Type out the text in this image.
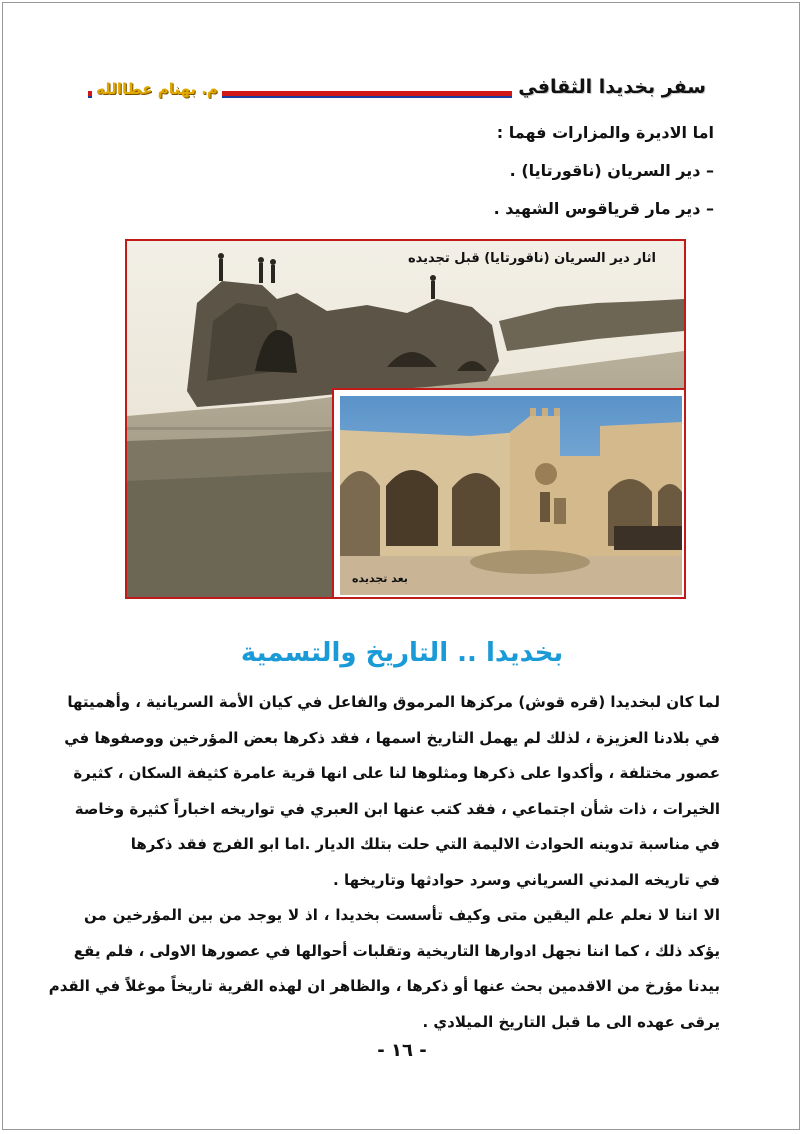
سفر بخديدا الثقافي
م. بهنام عطاالله
اما الاديرة والمزارات فهما :
– دير السريان (ناقورتايا) .
– دير مار قرياقوس الشهيد .
اثار دير السريان (ناقورتايا) قبل تجديده
بعد تجديده
بخديدا .. التاريخ والتسمية
لما كان لبخديدا (قره قوش) مركزها المرموق والفاعل في كيان الأمة السريانية ، وأهميتها
في بلادنا العزيزة ، لذلك لم يهمل التاريخ اسمها ، فقد ذكرها بعض المؤرخين ووصفوها في
عصور مختلفة ، وأكدوا على ذكرها ومثلوها لنا على انها قرية عامرة كثيفة السكان ، كثيرة
الخيرات ، ذات شأن اجتماعي ، فقد كتب عنها ابن العبري في تواريخه اخباراً كثيرة وخاصة
في مناسبة تدوينه الحوادث الاليمة التي حلت بتلك الديار .اما ابو الفرج فقد ذكرها
في تاريخه المدني السرياني وسرد حوادثها وتاريخها .
الا اننا لا نعلم علم اليقين متى وكيف تأسست بخديدا ، اذ لا يوجد من بين المؤرخين من
يؤكد ذلك ، كما اننا نجهل ادوارها التاريخية وتقلبات أحوالها في عصورها الاولى ، فلم يقع
بيدنا مؤرخ من الاقدمين بحث عنها أو ذكرها ، والظاهر ان لهذه القرية تاريخاً موغلاً في القدم
يرقى عهده الى ما قبل التاريخ الميلادي .
- ١٦ -
